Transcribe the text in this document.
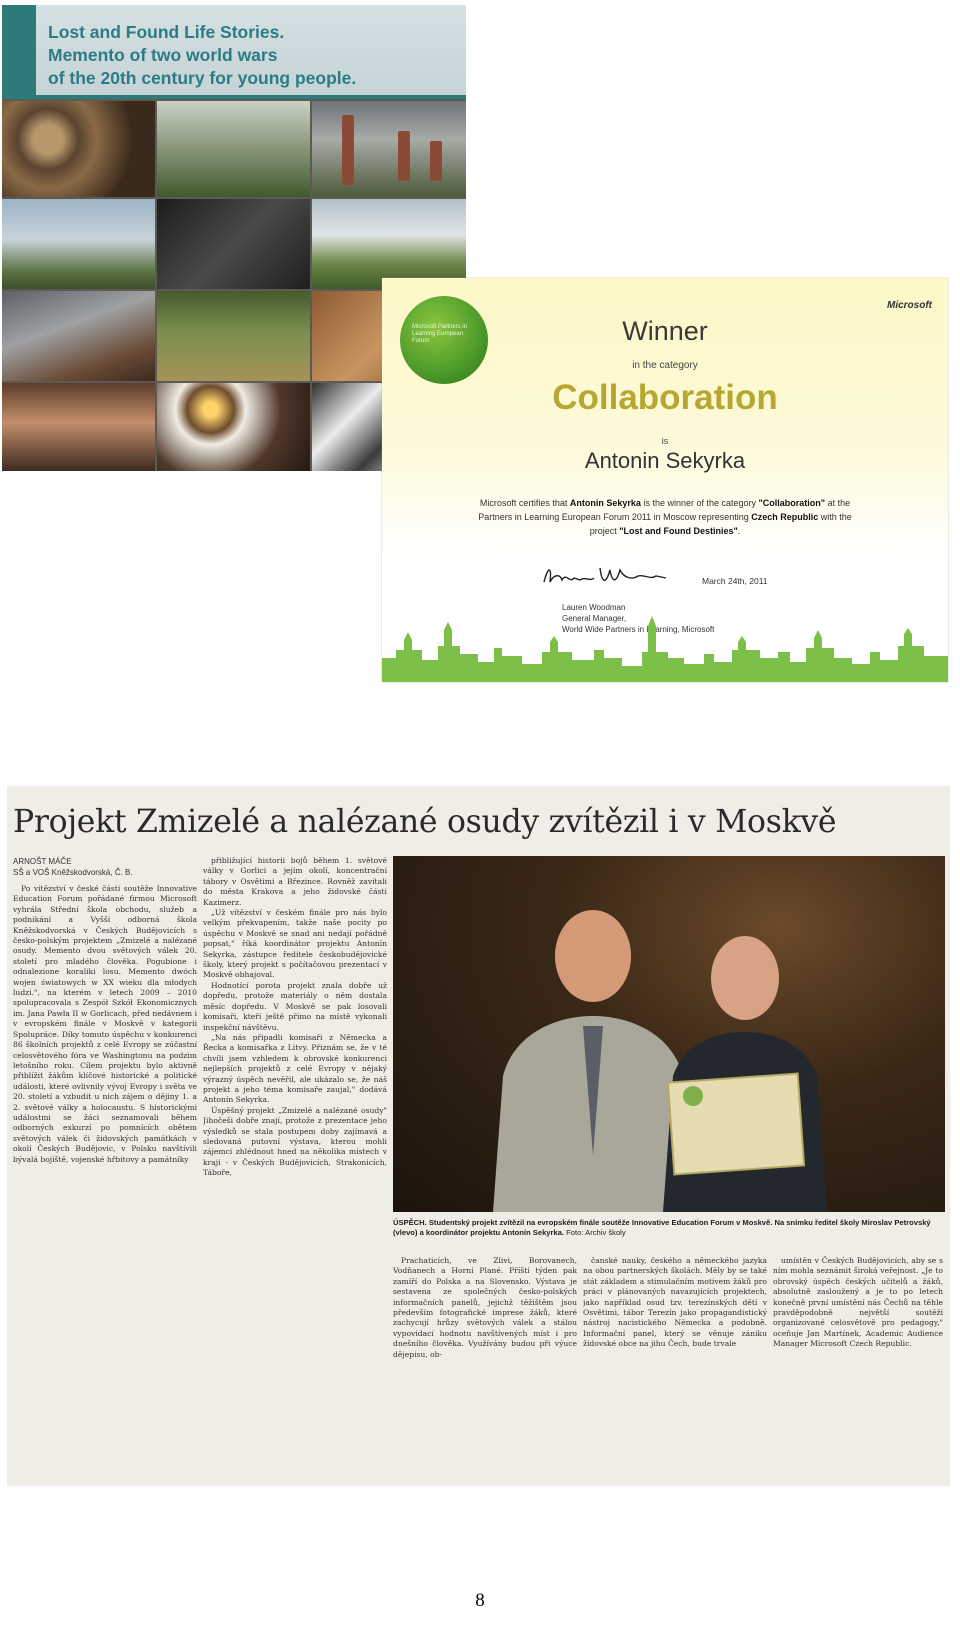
Lost and Found Life Stories.
Memento of two world wars
of the 20th century for young people.
Microsoft Partners in Learning European Forum
Microsoft
Winner
in the category
Collaboration
is
Antonin Sekyrka
Microsoft certifies that Antonin Sekyrka is the winner of the category "Collaboration" at the Partners in Learning European Forum 2011 in Moscow representing Czech Republic with the project "Lost and Found Destinies".
March 24th, 2011
Lauren Woodman
General Manager,
World Wide Partners in Learning, Microsoft
Projekt Zmizelé a nalézané osudy zvítězil i v Moskvě
ARNOŠT MÁČE
SŠ a VOŠ Kněžskodvorská, Č. B.

Po vítězství v české části soutěže Innovative Education Forum pořádané firmou Microsoft vyhrála Střední škola obchodu, služeb a podnikání a Vyšší odborná škola Kněžskodvorská v Českých Budějovicích s česko-polským projektem „Zmizelé a nalézané osudy. Memento dvou světových válek 20. století pro mladého člověka. Pogubione i odnalezione koraliki losu. Memento dwóch wojen światowych w XX wieku dla młodych ludzi.", na kterém v letech 2009 – 2010 spolupracovala s Zespół Szkół Ekonomicznych im. Jana Pawła II w Gorlicach, před nedávnem i v evropském finále v Moskvě v kategorii Spolupráce. Díky tomuto úspěchu v konkurenci 86 školních projektů z celé Evropy se zúčastní celosvětového fóra ve Washingtonu na podzim letošního roku. Cílem projektu bylo aktivně přiblížit žákům klíčové historické a politické události, které ovlivnily vývoj Evropy i světa ve 20. století a vzbudit u nich zájem o dějiny 1. a 2. světové války a holocaustu. S historickými událostmi se žáci seznamovali během odborných exkurzí po pomnících obětem světových válek či židovských památkách v okolí Českých Budějovic, v Polsku navštívili bývalá bojiště, vojenské hřbitovy a památníky

přibližující historii bojů během 1. světové války v Gorlici a jejím okolí, koncentrační tábory v Osvětimi a Březince. Rovněž zavítali do města Krakova a jeho židovské části Kazimerz.

„Už vítězství v českém finále pro nás bylo velkým překvapením, takže naše pocity po úspěchu v Moskvě se snad ani nedají pořádně popsat," říká koordinátor projektu Antonín Sekyrka, zástupce ředitele českobudějovické školy, který projekt s počítačovou prezentací v Moskvě obhajoval.

Hodnotící porota projekt znala dobře už dopředu, protože materiály o něm dostala měsíc dopředu. V Moskvě se pak losovali komisaři, kteří ještě přímo na místě vykonali inspekční návštěvu.

„Na nás připadli komisaři z Německa a Řecka a komisařka z Litvy. Přiznám se, že v té chvíli jsem vzhledem k obrovské konkurenci nejlepších projektů z celé Evropy v nějaký výrazný úspěch nevěřil, ale ukázalo se, že náš projekt a jeho téma komisaře zaujal," dodává Antonín Sekyrka.

Úspěšný projekt „Zmizelé a nalézané osudy" Jihočeši dobře znají, protože z prezentace jeho výsledků se stala postupem doby zajímavá a sledovaná putovní výstava, kterou mohli zájemci zhlédnout hned na několika místech v kraji - v Českých Budějovicích, Strakonicích, Táboře,

ÚSPĚCH. Studentský projekt zvítězil na evropském finále soutěže Innovative Education Forum v Moskvě. Na snímku ředitel školy Miroslav Petrovský (vlevo) a koordinátor projektu Antonín Sekyrka. Foto: Archiv školy

Prachaticích, ve Zlivi, Borovanech, Vodňanech a Horní Plané. Příští týden pak zamíří do Polska a na Slovensko. Výstava je sestavena ze společných česko-polských informačních panelů, jejichž těžištěm jsou především fotografické imprese žáků, které zachycují hrůzy světových válek a stálou vypovídací hodnotu navštívených míst i pro dnešního člověka. Využívány budou při výuce dějepisu, ob-

čanské nauky, českého a německého jazyka na obou partnerských školách. Měly by se také stát základem a stimulačním motivem žáků pro práci v plánovaných navazujících projektech, jako například osud tzv. terezínských dětí v Osvětimi, tábor Terezín jako propagandistický nástroj nacistického Německa a podobně. Informační panel, který se věnuje zániku židovské obce na jihu Čech, bude trvale

umístěn v Českých Budějovicích, aby se s ním mohla seznámit široká veřejnost. „Je to obrovský úspěch českých učitelů a žáků, absolutně zasloužený a je to po letech konečně první umístění nás Čechů na těhle pravděpodobně největší soutěži organizované celosvětově pro pedagogy," oceňuje Jan Martínek, Academic Audience Manager Microsoft Czech Republic.

8
